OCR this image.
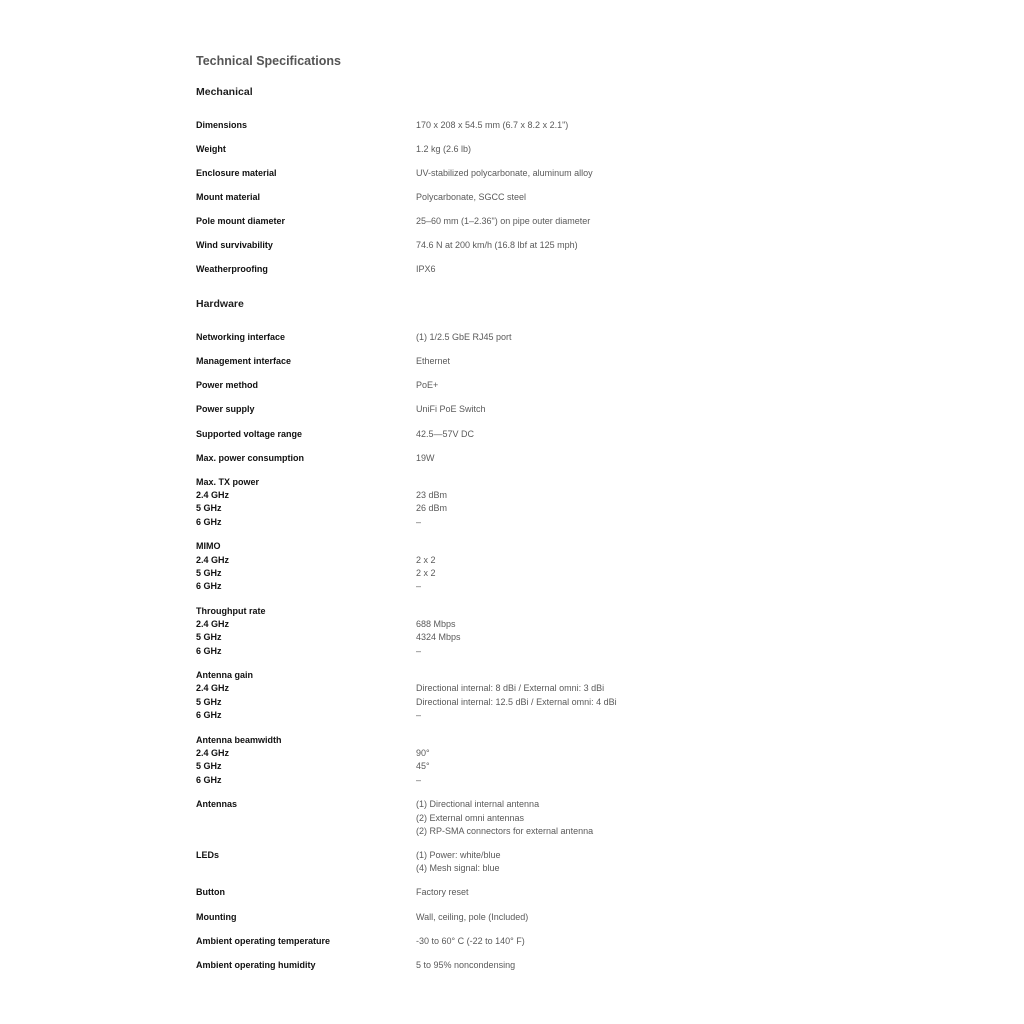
Technical Specifications
Mechanical
Dimensions	170 x 208 x 54.5 mm (6.7 x 8.2 x 2.1")
Weight	1.2 kg (2.6 lb)
Enclosure material	UV-stabilized polycarbonate, aluminum alloy
Mount material	Polycarbonate, SGCC steel
Pole mount diameter	25–60 mm (1–2.36") on pipe outer diameter
Wind survivability	74.6 N at 200 km/h (16.8 lbf at 125 mph)
Weatherproofing	IPX6
Hardware
Networking interface	(1) 1/2.5 GbE RJ45 port
Management interface	Ethernet
Power method	PoE+
Power supply	UniFi PoE Switch
Supported voltage range	42.5—57V DC
Max. power consumption	19W
Max. TX power
2.4 GHz	23 dBm
5 GHz	26 dBm
6 GHz	–
MIMO
2.4 GHz	2 x 2
5 GHz	2 x 2
6 GHz	–
Throughput rate
2.4 GHz	688 Mbps
5 GHz	4324 Mbps
6 GHz	–
Antenna gain
2.4 GHz	Directional internal: 8 dBi / External omni: 3 dBi
5 GHz	Directional internal: 12.5 dBi / External omni: 4 dBi
6 GHz	–
Antenna beamwidth
2.4 GHz	90°
5 GHz	45°
6 GHz	–
Antennas	(1) Directional internal antenna
(2) External omni antennas
(2) RP-SMA connectors for external antenna
LEDs	(1) Power: white/blue
(4) Mesh signal: blue
Button	Factory reset
Mounting	Wall, ceiling, pole (Included)
Ambient operating temperature	-30 to 60° C (-22 to 140° F)
Ambient operating humidity	5 to 95% noncondensing
